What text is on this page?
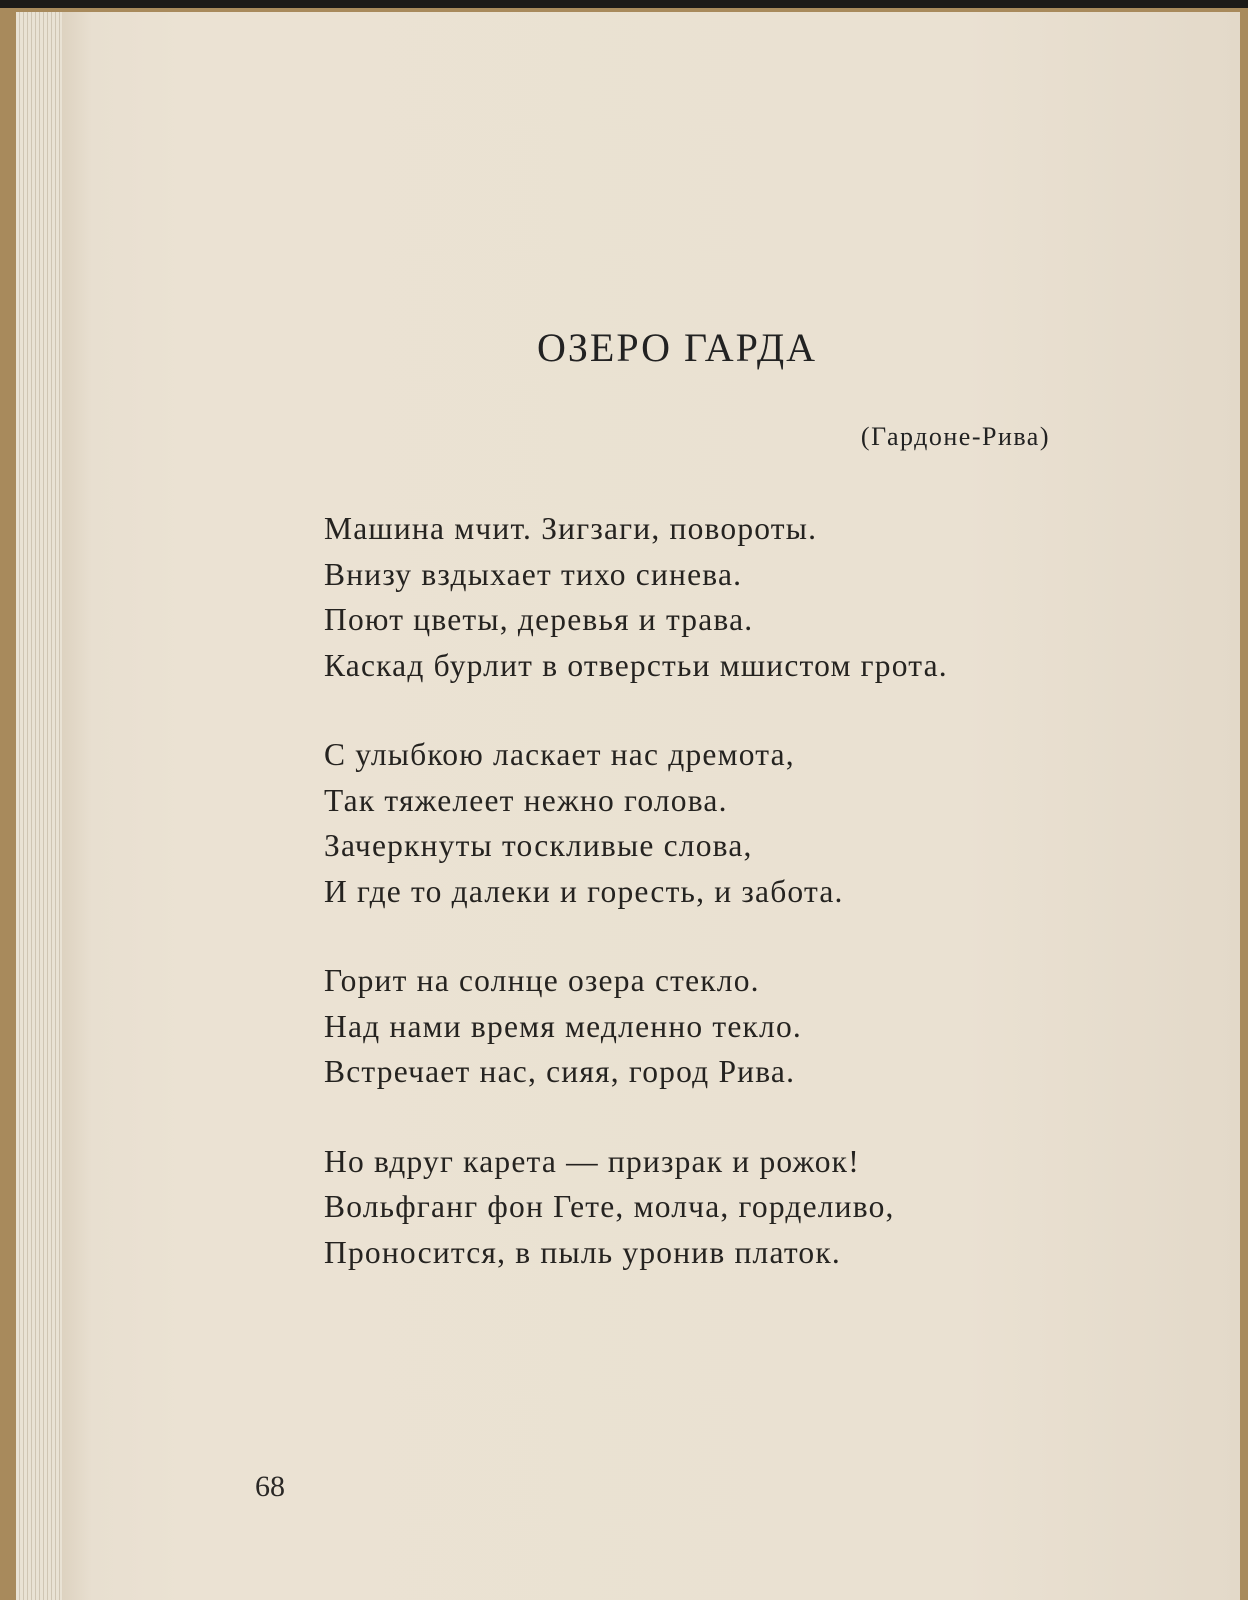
ОЗЕРО ГАРДА
(Гардоне-Рива)
Машина мчит. Зигзаги, повороты.
Внизу вздыхает тихо синева.
Поют цветы, деревья и трава.
Каскад бурлит в отверстьи мшистом грота.
С улыбкою ласкает нас дремота,
Так тяжелеет нежно голова.
Зачеркнуты тоскливые слова,
И где то далеки и горесть, и забота.
Горит на солнце озера стекло.
Над нами время медленно текло.
Встречает нас, сияя, город Рива.
Но вдруг карета — призрак и рожок!
Вольфганг фон Гете, молча, горделиво,
Проносится, в пыль уронив платок.
68
